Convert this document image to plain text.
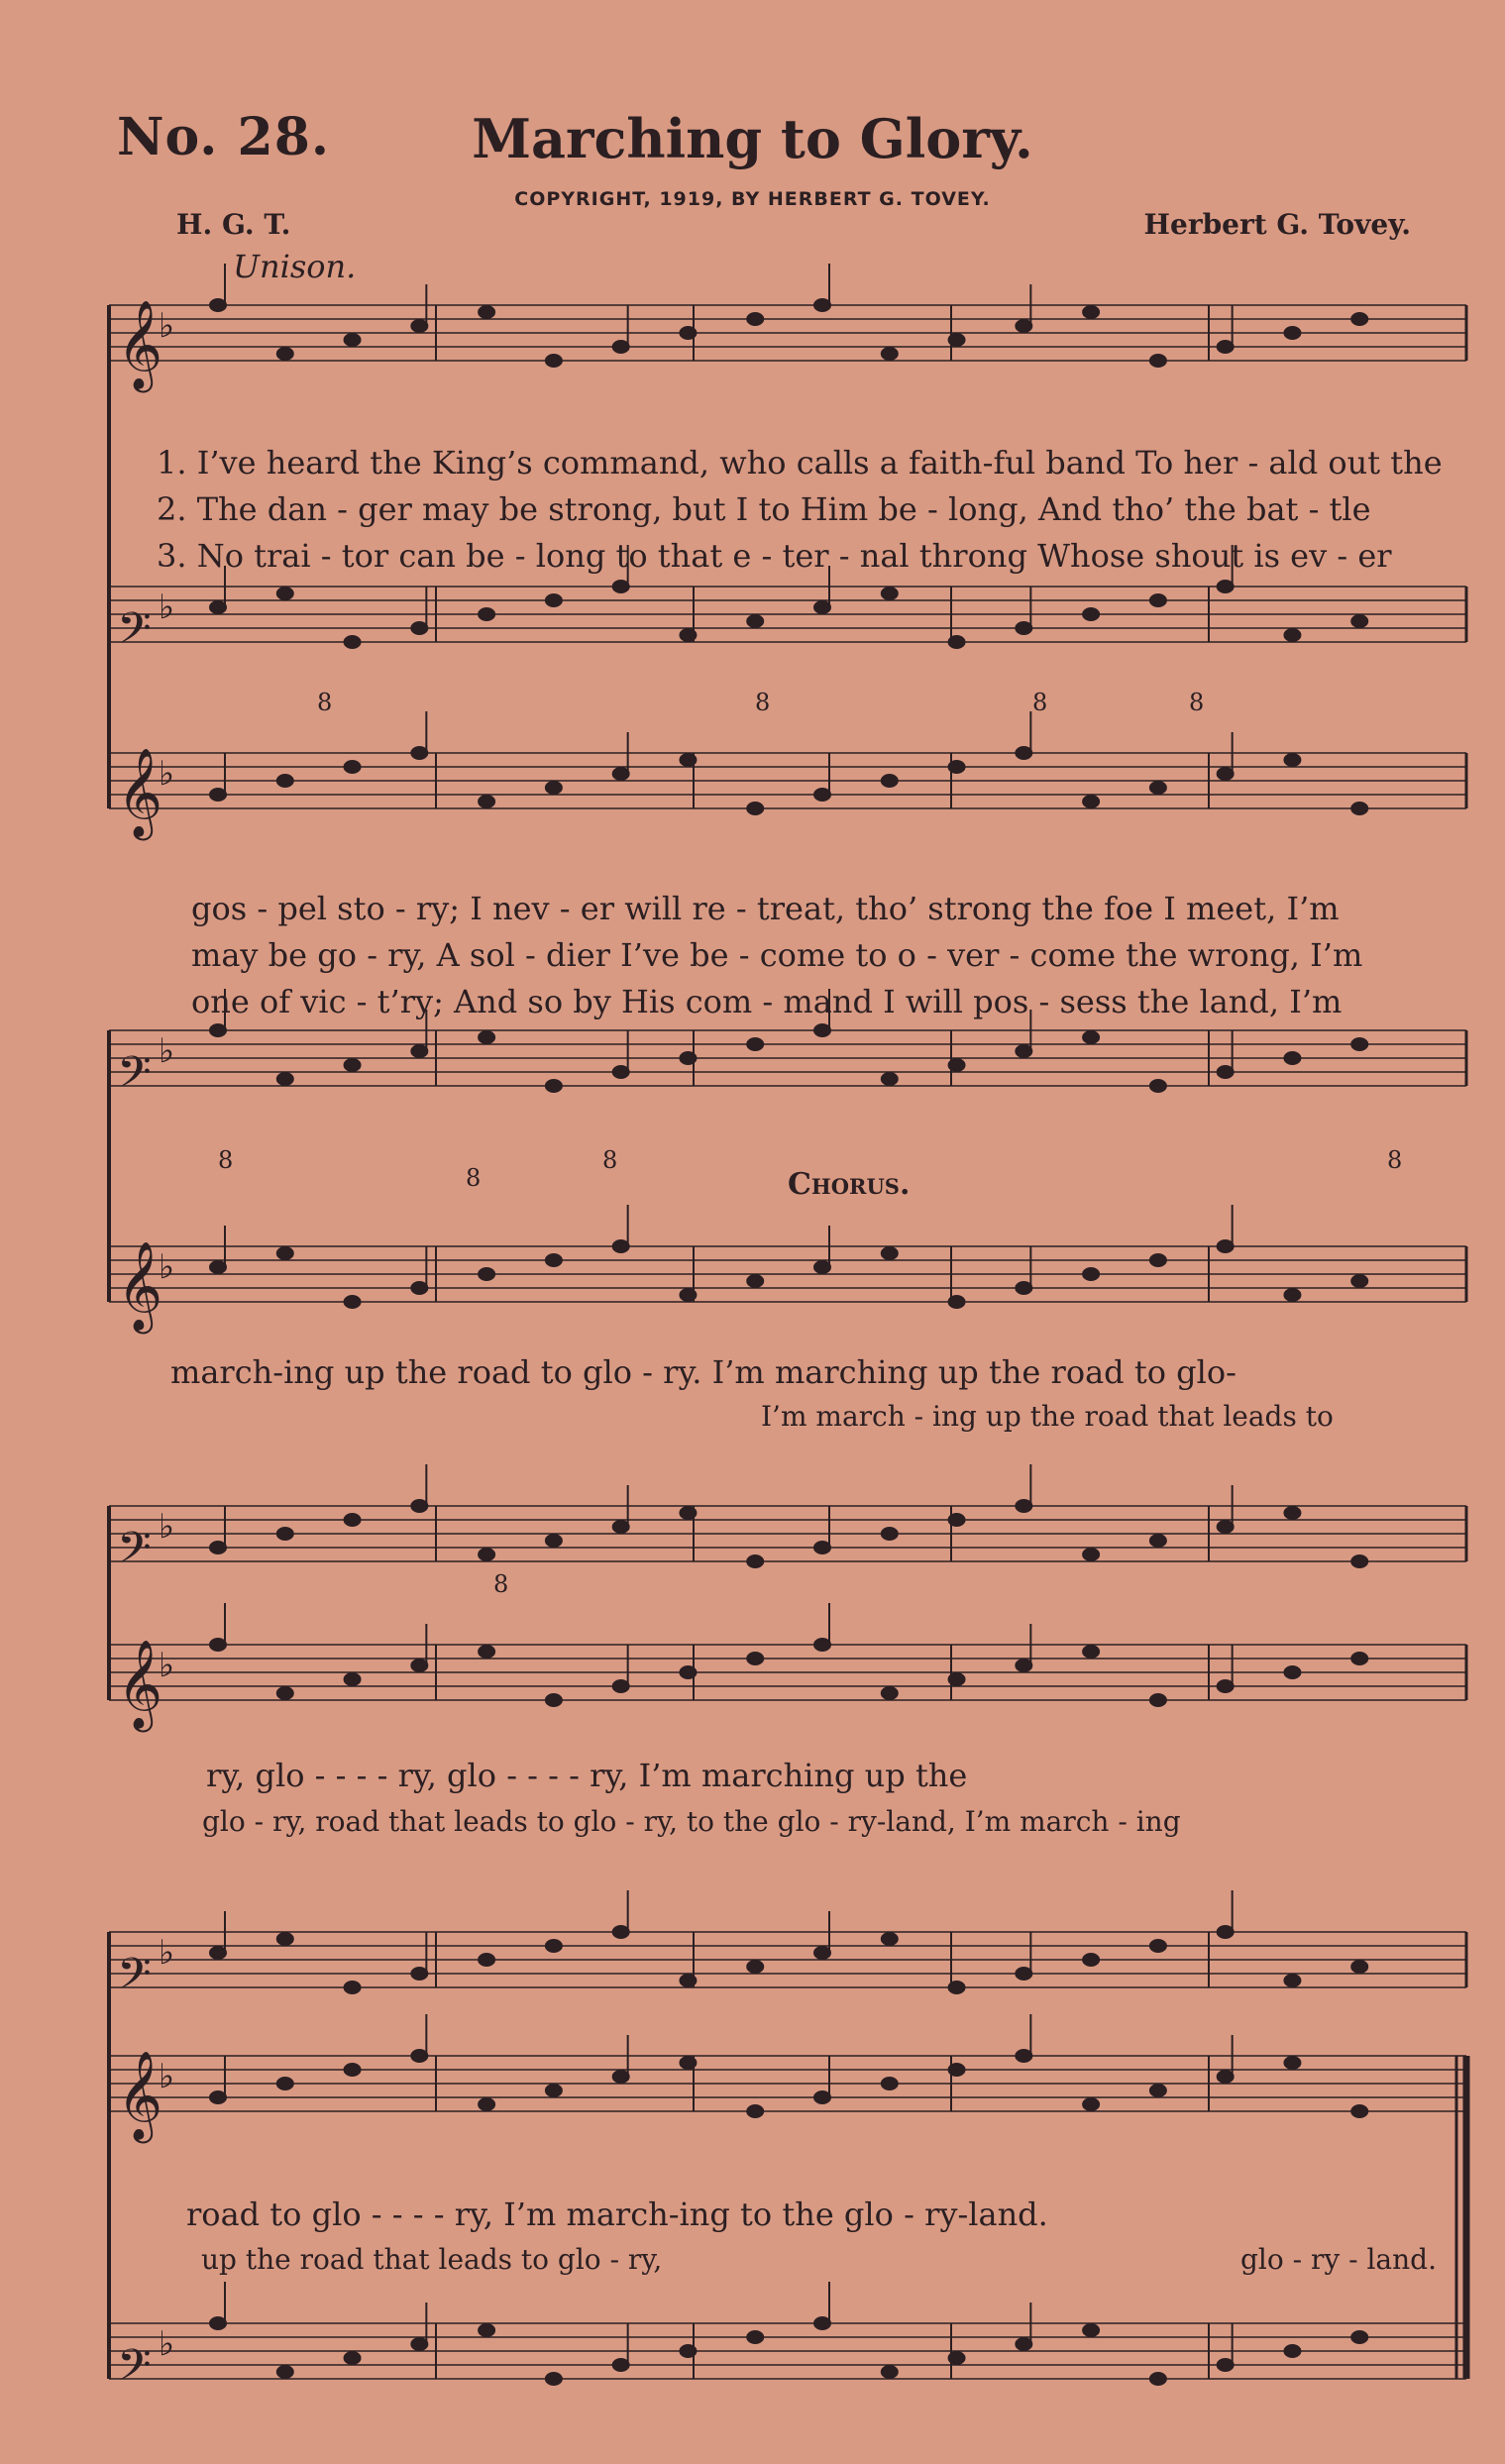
No. 28.	Marching to Glory.
COPYRIGHT, 1919, BY HERBERT G. TOVEY.
H. G. T.	Herbert G. Tovey.
Unison.
𝄞
♭
𝄢 ♭
𝄞
♭
𝄢 ♭
𝄞
♭
𝄢 ♭
𝄞
♭
𝄢 ♭
𝄞
♭
𝄢 ♭
1. I’ve heard the King’s command, who calls a faith-ful band To her - ald out the
2. The dan - ger may be strong, but I to Him be - long, And tho’ the bat - tle
3. No trai - tor can be - long to that e - ter - nal throng Whose shout is ev - er
gos - pel sto - ry; I nev - er will re - treat, tho’ strong the foe I meet, I’m
may be go - ry, A sol - dier I’ve be - come to o - ver - come the wrong, I’m
one of vic - t’ry; And so by His com - mand I will pos - sess the land, I’m
Chorus.
march-ing up the road to glo - ry. I’m marching up the road to glo-
I’m march - ing up the road that leads to
ry, glo - - - - ry, glo - - - - ry, I’m marching up the
glo - ry, road that leads to glo - ry, to the glo - ry-land, I’m march - ing
road to glo - - - - ry, I’m march-ing to the glo - ry-land.
up the road that leads to glo - ry,	glo - ry - land.
8	8	8	8
8
8
8	8
8
